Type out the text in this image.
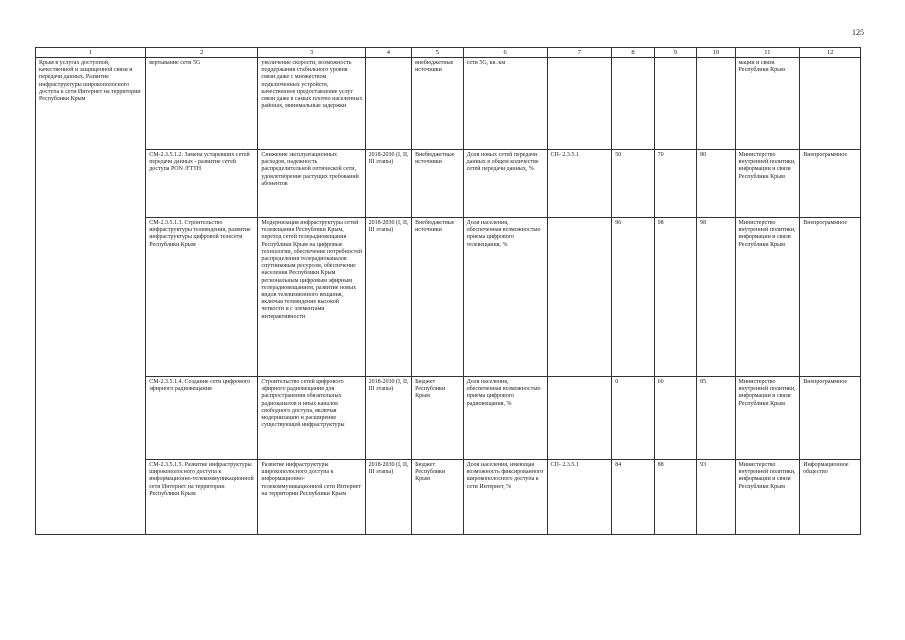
125
1	2	3	4	5	6	7	8	9	10	11	12
Крым в услугах доступной, качественной и защищенной связи и передачи данных. Развитие инфраструктуры широкополосного доступа к сети Интернет на территории Республики Крым	вертывание сети 5G	увеличение скорости, возможность поддержания стабильного уровня связи даже с множеством подключенных устройств, качественное предоставление услуг связи даже в самых плотно населенных районах, минимальные задержки		внебюджетные источники	сети 5G, кв. км					мации и связи Республики Крым	
	СМ-2.3.5.1.2. Замена устаревших сетей передачи данных - развитие сетей доступа PON /FTTH	Снижение эксплуатационных расходов, надежность распределительной оптической сети, удовлетворение растущих требований абонентов	2018-2030 (I, II, III этапы)	Внебюджетные источники	Доля новых сетей передачи данных в общем количестве сетей передачи данных, %	СП- 2.3.5.1	50	70	80	Министерство внутренней политики, информации и связи Республики Крым	Внепрограммное
	СМ-2.3.5.1.3. Строительство инфраструктуры телевидения, развитие инфраструктуры цифровой телесети Республики Крым	Модернизация инфраструктуры сетей телевещания Республики Крым, переход сетей телерадиовещания Республики Крым на цифровые технологии, обеспечение потребностей распределения телерадиоканалов спутниковым ресурсом, обеспечение населения Республики Крым региональным цифровым эфирным телерадиовещанием, развитие новых видов телевизионного вещания, включая телевидение высокой четкости и с элементами интерактивности	2018-2030 (I, II, III этапы)	Внебюджетные источники	Доля населения, обеспеченная возможностью приема цифрового телевещания, %		96	98	98	Министерство внутренней политики, информации и связи Республики Крым	Внепрограммное
	СМ-2.3.5.1.4. Создание сети цифрового эфирного радиовещания	Строительство сетей цифрового эфирного радиовещания для распространения обязательных радиоканалов и иных каналов свободного доступа, включая модернизацию и расширение существующей инфраструктуры	2018-2030 (I, II, III этапы)	Бюджет Республики Крым	Доля населения, обеспеченная возможностью приема цифрового радиовещания, %		0	60	85	Министерство внутренней политики, информации и связи Республики Крым	Внепрограммное
	СМ-2.3.5.1.5. Развитие инфраструктуры широкополосного доступа к информационно-телекоммуникационной сети Интернет на территории Республики Крым	Развитие инфраструктуры широкополосного доступа к информационно-телекоммуникационной сети Интернет на территории Республики Крым	2018-2030 (I, II, III этапы)	Бюджет Республики Крым	Доля населения, имеющая возможность фиксированного широкополосного доступа к сети Интернет, %	СП- 2.3.5.1	84	88	93	Министерство внутренней политики, информации и связи Республики Крым	Информационное общество
